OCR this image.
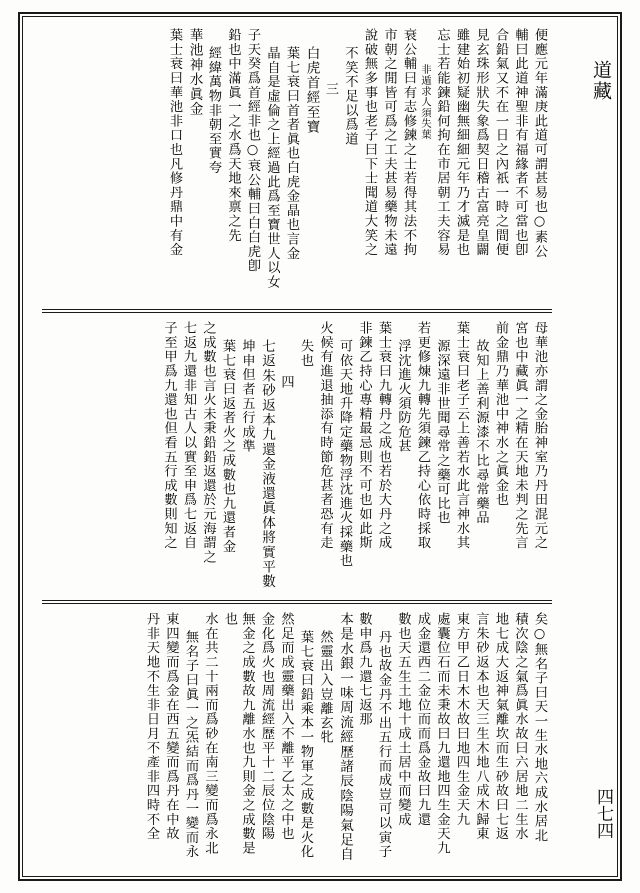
道藏
四七四
便應元年滿庚此道可謂甚易也○素公
輔曰此道神聖非有福緣者不可當也卽
合鉛氣又不在一日之內祇一時之間便
見玄珠形狀失象爲契日稽古富亮皇闢
雖建始初疑幽無細細元年乃才滅是也
忘士若能鍊鉛何拘在市居朝工夫容易
非遁求人須失葉
衰公輔曰有志修鍊之士若得其法不拘
市朝之閒皆可爲之工夫甚易藥物未遠
說破無多事也老子曰下士聞道大笑之
不笑不足以爲道
三
白虎首經至寶
葉七衰曰首者眞也白虎金晶也言金
晶自是虛倫之上經過此爲至寶世人以女
子天癸爲首經非也○衰公輔曰白白虎卽
鉛也中滿眞一之水爲天地來禀之先
經緯萬物非朝至實夸
華池神水眞金
葉士衰曰華池非口也凡修丹鼎中有金
母華池亦謂之金胎神室乃丹田混元之
宮也中藏眞一之精在天地未判之先言
前金鼎乃華池中神水之眞金也
故知上善利源漆不比尋常藥品
葉士衰曰老子云上善若水此言神水其
源深遠非世聞尋常之藥可比也
若更修煉九轉先須鍊乙持心依時採取
浮沈進火須防危甚
葉士衰曰九轉丹之成也若於大丹之成
非鍊乙持心專精最忌則不可也如此斯
可依天地升降定藥物浮沈進火採藥也
火候有進退抽添有時節危甚者恐有走
失也
四
七返朱砂返本九還金液還眞体將實平數
坤申但者五行成準
葉七衰曰返者火之成數也九還者金
之成數也言火未秉鉛鉛返還於元海謂之
七返九還非知古人以實至申爲七返自
子至甲爲九還也但看五行成數則知之
矣○無名子曰天一生水地六成水居北
積次陰之氣爲眞水故曰六居地二生水
地七成大返神氣離坎而生砂故曰七返
言朱砂返本也天三生木地八成木歸東
東方甲乙日木木故曰地四生金天九
處囊位石而未秉故曰九還地四生金天九
成金還西二金位而而爲金故曰九還
數也天五生土地十成土居中而變成
丹也故金丹不出五行而成豈可以寅子
數申爲九還七返那
本是水銀一味周流經歷諸辰陰陽氣足自
然靈出入豈離玄牝
葉七衰曰鉛乘本一物軍之成數是火化
然足而成靈藥出入不離平乙太之中也
金化爲火也周流經歷平十二辰位陰陽
無金之成數故九離水也九則金之成數是也
水在共二十兩而爲砂在南三變而爲永北
無名子曰眞一之炁結而爲丹一變而永
東四變而爲金在西五變而爲丹在中故
丹非天地不生非日月不產非四時不全
